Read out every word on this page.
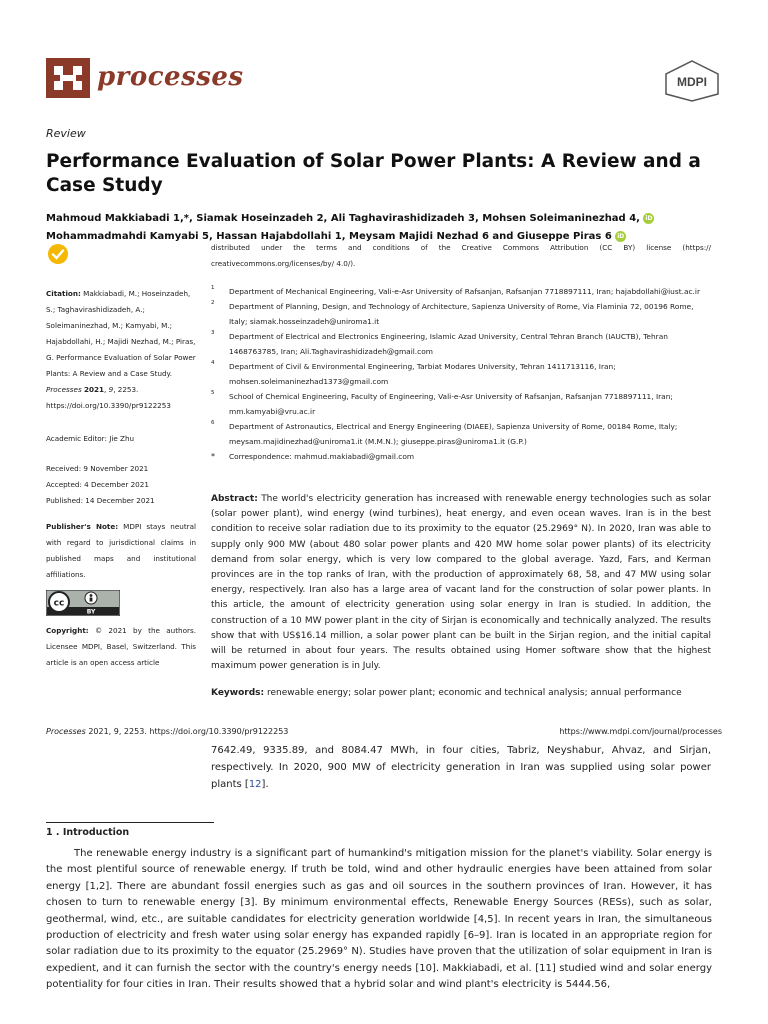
processes	MDPI
Review
Performance Evaluation of Solar Power Plants: A Review and a Case Study
Mahmoud Makkiabadi 1,*, Siamak Hoseinzadeh 2, Ali Taghavirashidizadeh 3, Mohsen Soleimaninezhad 4, iD
Mohammadmahdi Kamyabi 5, Hassan Hajabdollahi 1, Meysam Majidi Nezhad 6 and Giuseppe Piras 6 iD
Citation: Makkiabadi, M.; Hoseinzadeh, S.; Taghavirashidizadeh, A.; Soleimaninezhad, M.; Kamyabi, M.; Hajabdollahi, H.; Majidi Nezhad, M.; Piras, G. Performance Evaluation of Solar Power Plants: A Review and a Case Study. Processes 2021, 9, 2253. https://doi.org/10.3390/pr9122253
Academic Editor: Jie Zhu
Received: 9 November 2021
Accepted: 4 December 2021
Published: 14 December 2021
Publisher's Note: MDPI stays neutral with regard to jurisdictional claims in published maps and institutional affiliations.
cc
BY
Copyright: © 2021 by the authors. Licensee MDPI, Basel, Switzerland. This article is an open access article
distributed under the terms and conditions of the Creative Commons Attribution (CC BY) license (https:// creativecommons.org/licenses/by/ 4.0/).
1 Department of Mechanical Engineering, Vali-e-Asr University of Rafsanjan, Rafsanjan 7718897111, Iran; hajabdollahi@iust.ac.ir
2 Department of Planning, Design, and Technology of Architecture, Sapienza University of Rome, Via Flaminia 72, 00196 Rome, Italy; siamak.hosseinzadeh@uniroma1.it
3 Department of Electrical and Electronics Engineering, Islamic Azad University, Central Tehran Branch (IAUCTB), Tehran 1468763785, Iran; Ali.Taghavirashidizadeh@gmail.com
4 Department of Civil & Environmental Engineering, Tarbiat Modares University, Tehran 1411713116, Iran; mohsen.soleimaninezhad1373@gmail.com
5 School of Chemical Engineering, Faculty of Engineering, Vali-e-Asr University of Rafsanjan, Rafsanjan 7718897111, Iran; mm.kamyabi@vru.ac.ir
6 Department of Astronautics, Electrical and Energy Engineering (DIAEE), Sapienza University of Rome, 00184 Rome, Italy; meysam.majidinezhad@uniroma1.it (M.M.N.); giuseppe.piras@uniroma1.it (G.P.)
* Correspondence: mahmud.makiabadi@gmail.com
Abstract: The world's electricity generation has increased with renewable energy technologies such as solar (solar power plant), wind energy (wind turbines), heat energy, and even ocean waves. Iran is in the best condition to receive solar radiation due to its proximity to the equator (25.2969° N). In 2020, Iran was able to supply only 900 MW (about 480 solar power plants and 420 MW home solar power plants) of its electricity demand from solar energy, which is very low compared to the global average. Yazd, Fars, and Kerman provinces are in the top ranks of Iran, with the production of approximately 68, 58, and 47 MW using solar energy, respectively. Iran also has a large area of vacant land for the construction of solar power plants. In this article, the amount of electricity generation using solar energy in Iran is studied. In addition, the construction of a 10 MW power plant in the city of Sirjan is economically and technically analyzed. The results show that with US$16.14 million, a solar power plant can be built in the Sirjan region, and the initial capital will be returned in about four years. The results obtained using Homer software show that the highest maximum power generation is in July.
Keywords: renewable energy; solar power plant; economic and technical analysis; annual performance
Processes 2021, 9, 2253. https://doi.org/10.3390/pr9122253	https://www.mdpi.com/journal/processes
7642.49, 9335.89, and 8084.47 MWh, in four cities, Tabriz, Neyshabur, Ahvaz, and Sirjan, respectively. In 2020, 900 MW of electricity generation in Iran was supplied using solar power plants [12].
1 . Introduction
The renewable energy industry is a significant part of humankind's mitigation mission for the planet's viability. Solar energy is the most plentiful source of renewable energy. If truth be told, wind and other hydraulic energies have been attained from solar energy [1,2]. There are abundant fossil energies such as gas and oil sources in the southern provinces of Iran. However, it has chosen to turn to renewable energy [3]. By minimum environmental effects, Renewable Energy Sources (RESs), such as solar, geothermal, wind, etc., are suitable candidates for electricity generation worldwide [4,5]. In recent years in Iran, the simultaneous production of electricity and fresh water using solar energy has expanded rapidly [6–9]. Iran is located in an appropriate region for solar radiation due to its proximity to the equator (25.2969° N). Studies have proven that the utilization of solar equipment in Iran is expedient, and it can furnish the sector with the country's energy needs [10]. Makkiabadi, et al. [11] studied wind and solar energy potentiality for four cities in Iran. Their results showed that a hybrid solar and wind plant's electricity is 5444.56,
